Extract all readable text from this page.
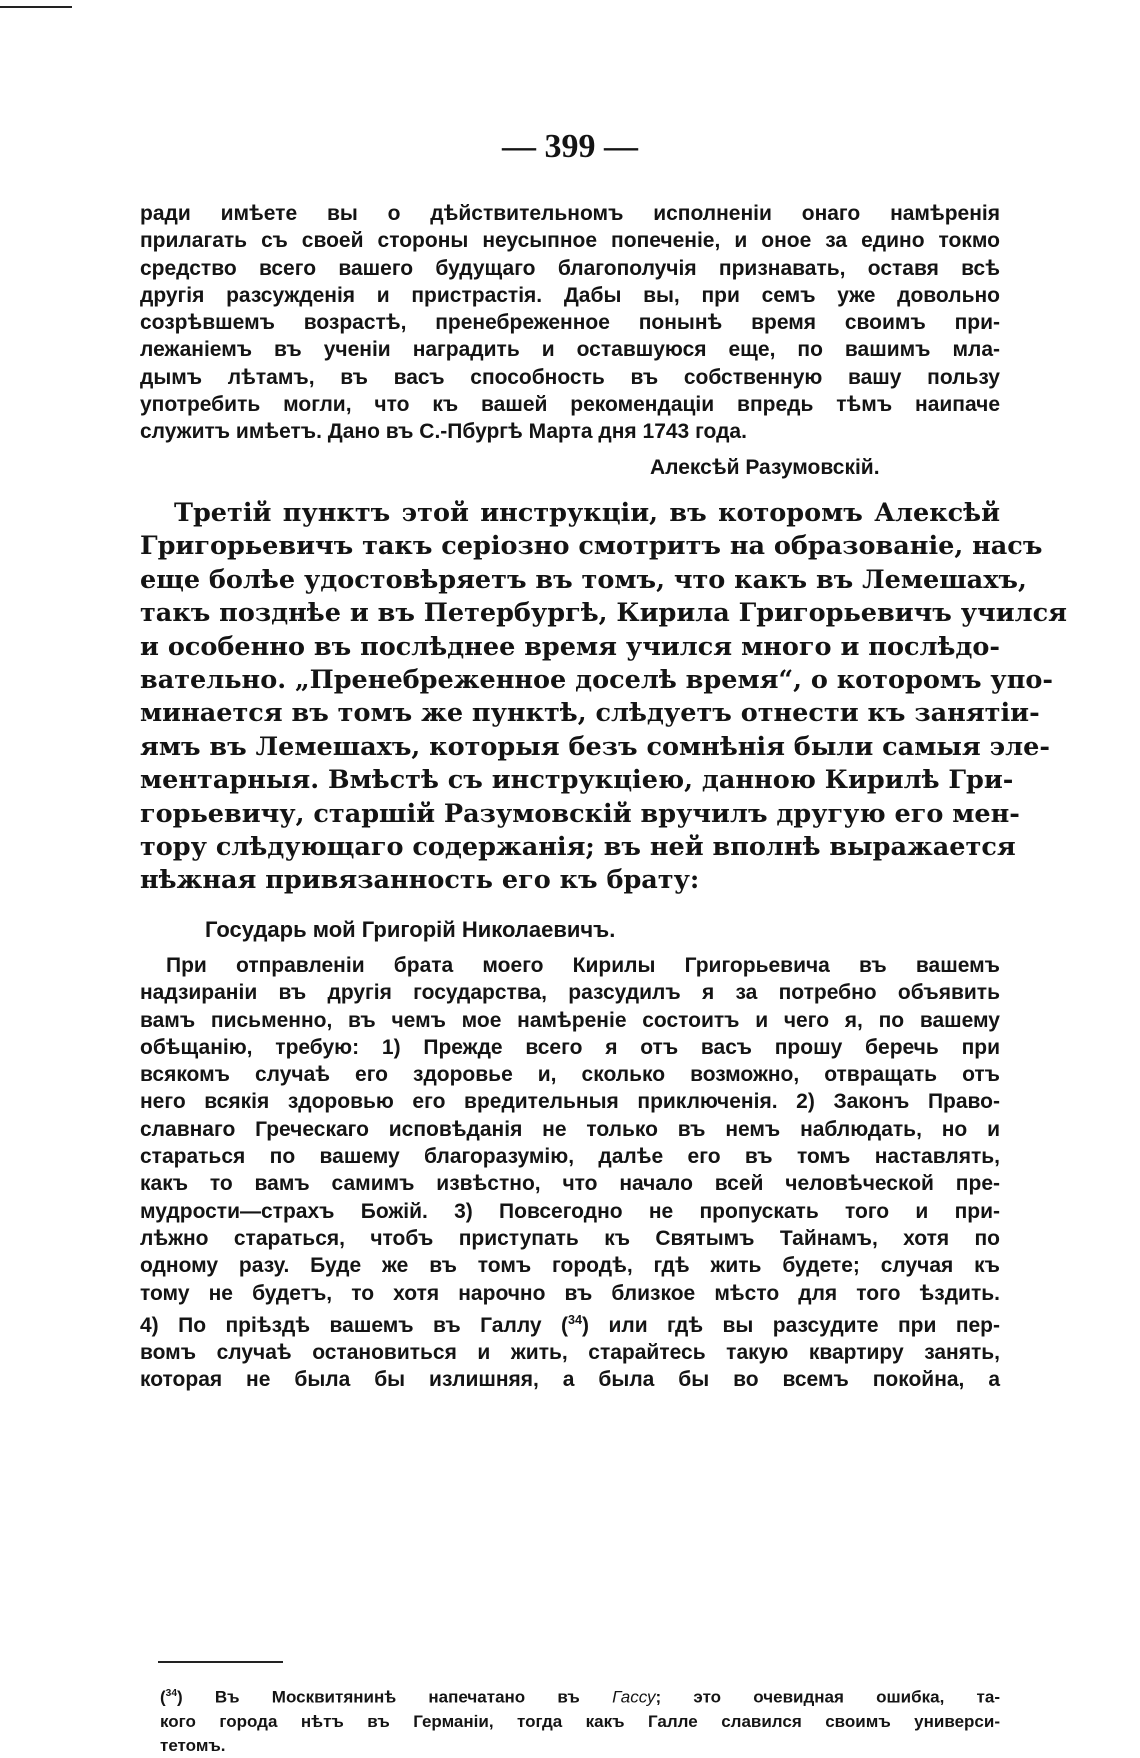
— 399 —

ради имѣете вы о дѣйствительномъ исполненіи онаго намѣренія

прилагать съ своей стороны неусыпное попеченіе, и оное за едино токмо

средство всего вашего будущаго благополучія признавать, оставя всѣ

другія разсужденія и пристрастія. Дабы вы, при семъ уже довольно

созрѣвшемъ возрастѣ, пренебреженное понынѣ время своимъ при-

лежаніемъ въ ученіи наградить и оставшуюся еще, по вашимъ мла-

дымъ лѣтамъ, въ васъ способность въ собственную вашу пользу

употребить могли, что къ вашей рекомендаціи впредь тѣмъ наипаче

служитъ имѣетъ. Дано въ С.-Пбургѣ Марта дня 1743 года.

Алексѣй Разумовскій.

Третій пунктъ этой инструкціи, въ которомъ Алексѣй

Григорьевичъ такъ серіозно смотритъ на образованіе, насъ

еще болѣе удостовѣряетъ въ томъ, что какъ въ Лемешахъ,

такъ позднѣе и въ Петербургѣ, Кирила Григорьевичъ учился

и особенно въ послѣднее время учился много и послѣдо-

вательно. „Пренебреженное доселѣ время“, о которомъ упо-

минается въ томъ же пунктѣ, слѣдуетъ отнести къ занятіи-

ямъ въ Лемешахъ, которыя безъ сомнѣнія были самыя эле-

ментарныя. Вмѣстѣ съ инструкціею, данною Кирилѣ Гри-

горьевичу, старшій Разумовскій вручилъ другую его мен-

тору слѣдующаго содержанія; въ ней вполнѣ выражается

нѣжная привязанность его къ брату:

Государь мой Григорій Николаевичъ.

При отправленіи брата моего Кирилы Григорьевича въ вашемъ

надзираніи въ другія государства, разсудилъ я за потребно объявить

вамъ письменно, въ чемъ мое намѣреніе состоитъ и чего я, по вашему

обѣщанію, требую: 1) Прежде всего я отъ васъ прошу беречь при

всякомъ случаѣ его здоровье и, сколько возможно, отвращать отъ

него всякія здоровью его вредительныя приключенія. 2) Законъ Право-

славнаго Греческаго исповѣданія не только въ немъ наблюдать, но и

стараться по вашему благоразумію, далѣе его въ томъ наставлять,

какъ то вамъ самимъ извѣстно, что начало всей человѣческой пре-

мудрости—страхъ Божій. 3) Повсегодно не пропускать того и при-

лѣжно стараться, чтобъ приступать къ Святымъ Тайнамъ, хотя по

одному разу. Буде же въ томъ городѣ, гдѣ жить будете; случая къ

тому не будетъ, то хотя нарочно въ близкое мѣсто для того ѣздить.

4) По пріѣздѣ вашемъ въ Галлу ($^{34}$) или гдѣ вы разсудите при пер-

вомъ случаѣ остановиться и жить, старайтесь такую квартиру занять,

которая не была бы излишняя, а была бы во всемъ покойна, а

($^{34}$) Въ Москвитянинѣ напечатано въ Гассу; это очевидная ошибка, та-

кого города нѣтъ въ Германіи, тогда какъ Галле славился своимъ универси-

тетомъ.
